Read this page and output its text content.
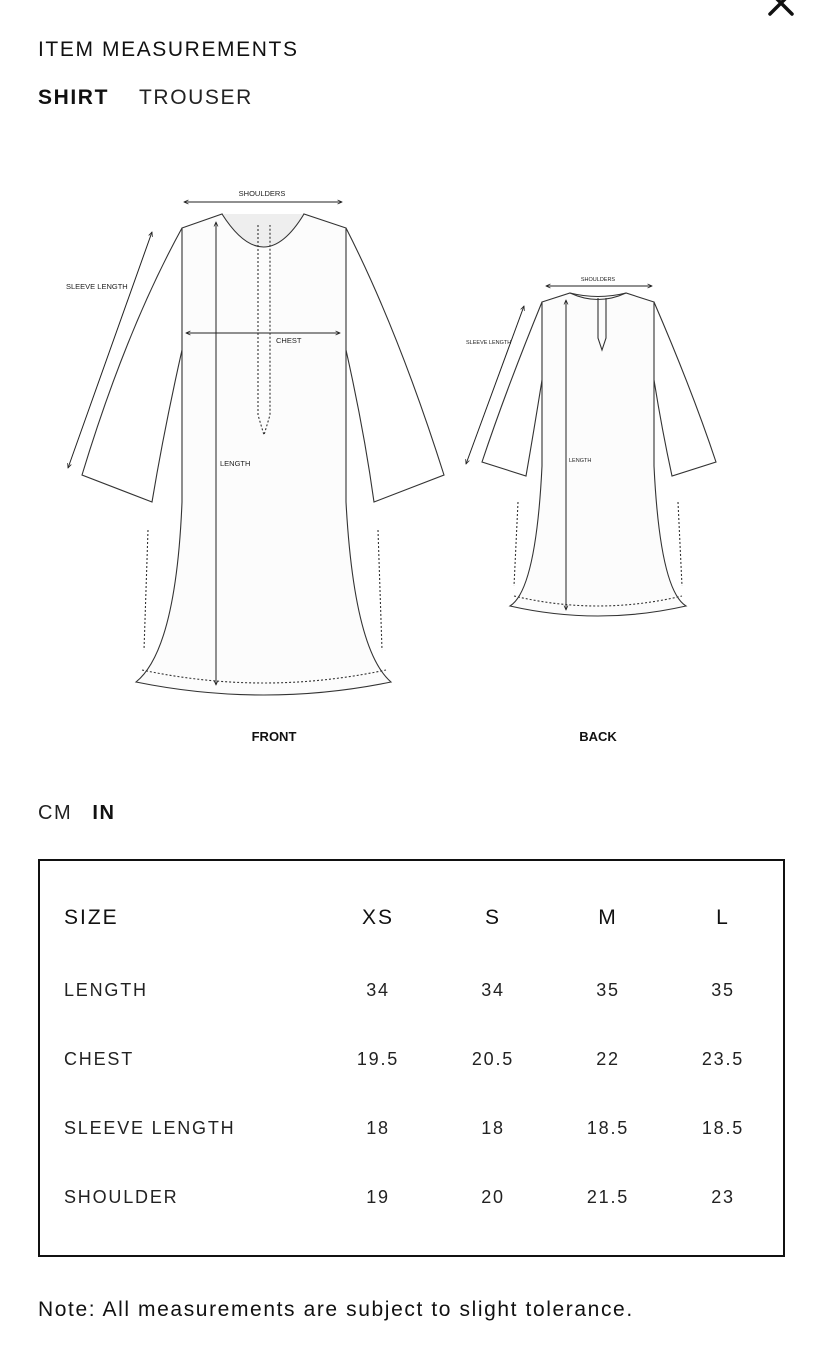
ITEM MEASUREMENTS
SHIRT TROUSER
SHOULDERS
SLEEVE LENGTH
CHEST
LENGTH
FRONT
SHOULDERS
SLEEVE LENGTH
LENGTH
BACK
CM IN
SIZE	XS	S	M	L
LENGTH	34	34	35	35
CHEST	19.5	20.5	22	23.5
SLEEVE LENGTH	18	18	18.5	18.5
SHOULDER	19	20	21.5	23

Note: All measurements are subject to slight tolerance.
